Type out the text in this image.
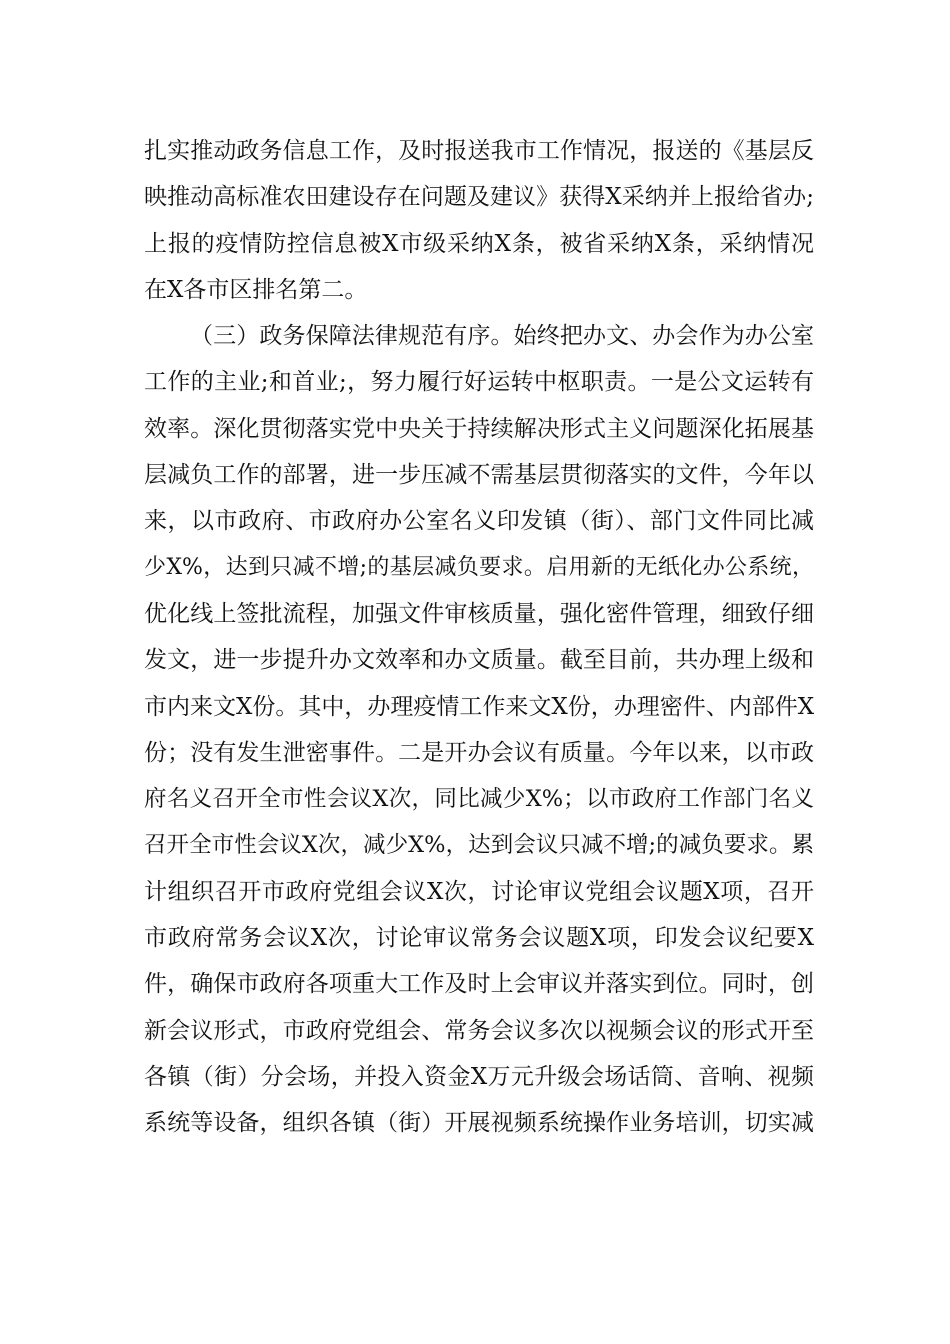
扎实推动政务信息工作，及时报送我市工作情况，报送的《基层反
映推动高标准农田建设存在问题及建议》获得X采纳并上报给省办;
上报的疫情防控信息被X市级采纳X条，被省采纳X条，采纳情况
在X各市区排名第二。
（三）政务保障法律规范有序。始终把办文、办会作为办公室
工作的主业;和首业;，努力履行好运转中枢职责。一是公文运转有
效率。深化贯彻落实党中央关于持续解决形式主义问题深化拓展基
层减负工作的部署，进一步压减不需基层贯彻落实的文件，今年以
来，以市政府、市政府办公室名义印发镇（街）、部门文件同比减
少X%，达到只减不增;的基层减负要求。启用新的无纸化办公系统，
优化线上签批流程，加强文件审核质量，强化密件管理，细致仔细
发文，进一步提升办文效率和办文质量。截至目前，共办理上级和
市内来文X份。其中，办理疫情工作来文X份，办理密件、内部件X
份；没有发生泄密事件。二是开办会议有质量。今年以来，以市政
府名义召开全市性会议X次，同比减少X%；以市政府工作部门名义
召开全市性会议X次，减少X%，达到会议只减不增;的减负要求。累
计组织召开市政府党组会议X次，讨论审议党组会议题X项，召开
市政府常务会议X次，讨论审议常务会议题X项，印发会议纪要X
件，确保市政府各项重大工作及时上会审议并落实到位。同时，创
新会议形式，市政府党组会、常务会议多次以视频会议的形式开至
各镇（街）分会场，并投入资金X万元升级会场话筒、音响、视频
系统等设备，组织各镇（街）开展视频系统操作业务培训，切实减
